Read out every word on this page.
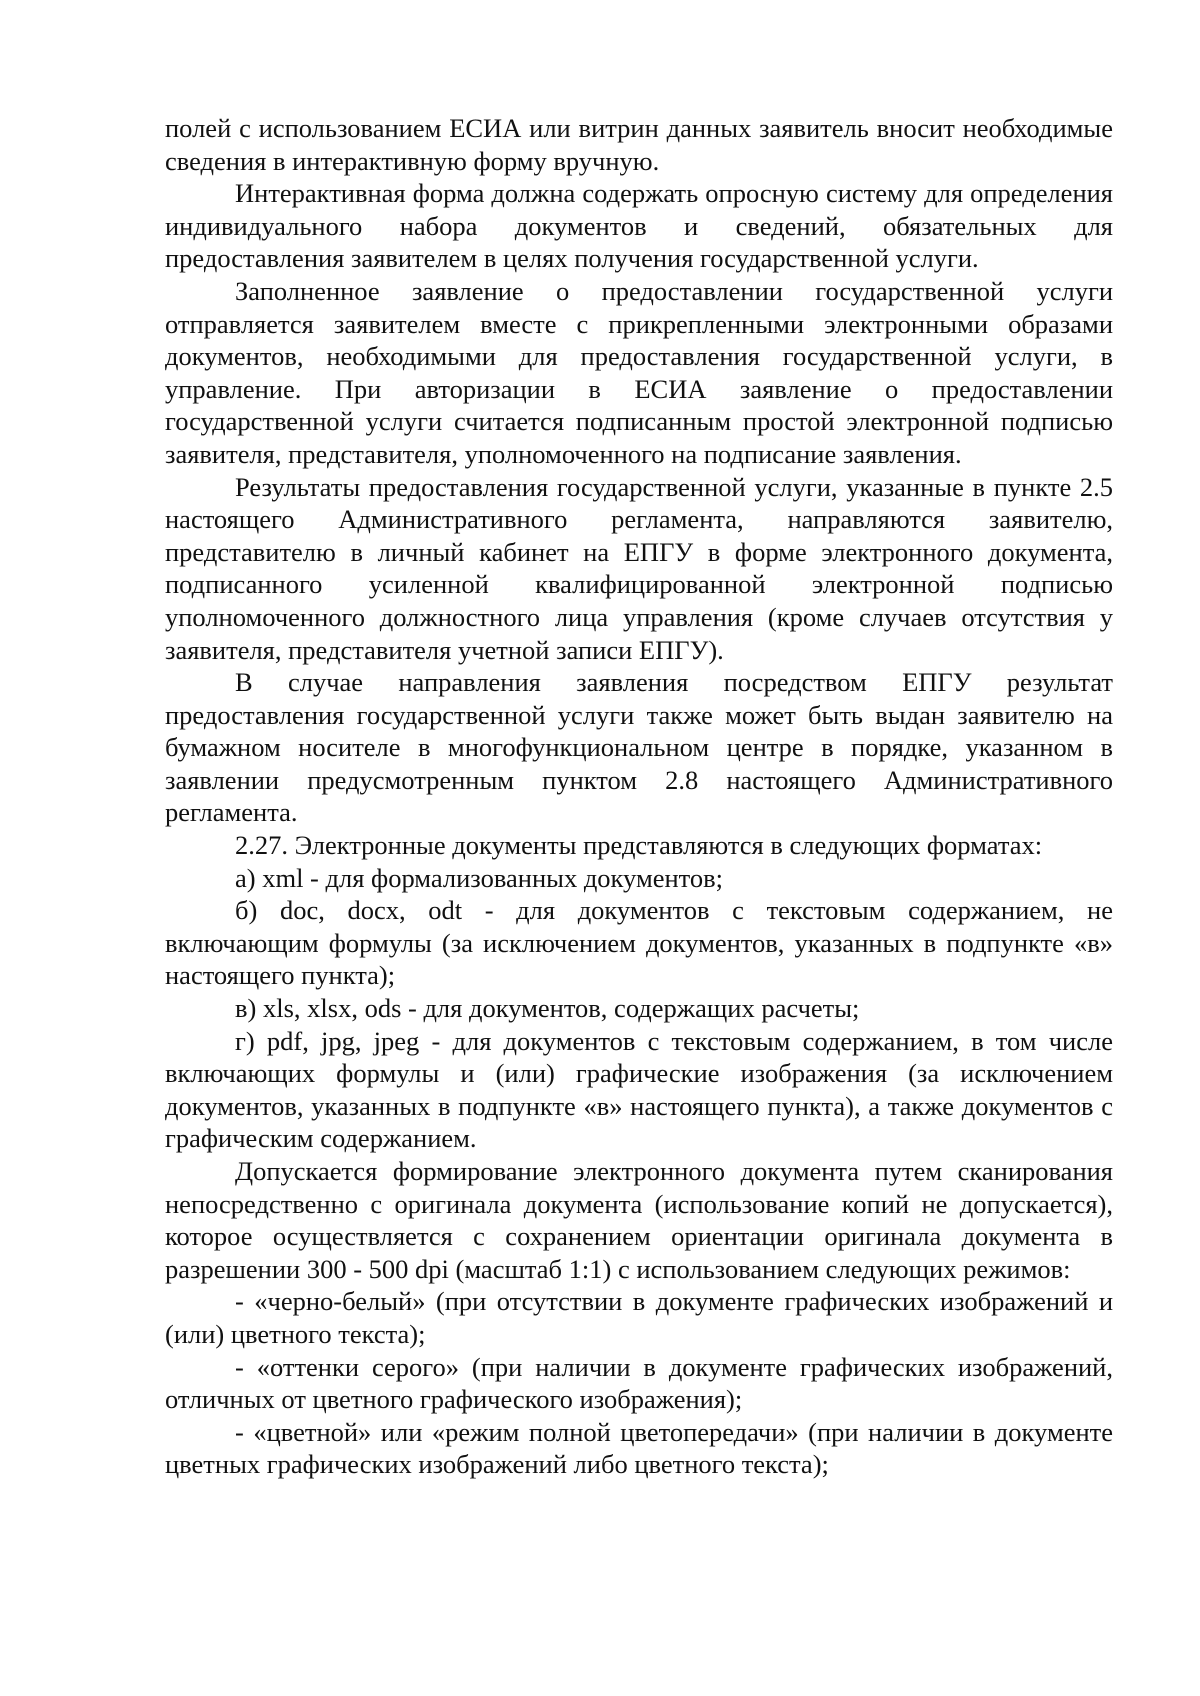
полей с использованием ЕСИА или витрин данных заявитель вносит необходимые сведения в интерактивную форму вручную.

Интерактивная форма должна содержать опросную систему для определения индивидуального набора документов и сведений, обязательных для предоставления заявителем в целях получения государственной услуги.

Заполненное заявление о предоставлении государственной услуги отправляется заявителем вместе с прикрепленными электронными образами документов, необходимыми для предоставления государственной услуги, в управление. При авторизации в ЕСИА заявление о предоставлении государственной услуги считается подписанным простой электронной подписью заявителя, представителя, уполномоченного на подписание заявления.

Результаты предоставления государственной услуги, указанные в пункте 2.5 настоящего Административного регламента, направляются заявителю, представителю в личный кабинет на ЕПГУ в форме электронного документа, подписанного усиленной квалифицированной электронной подписью уполномоченного должностного лица управления (кроме случаев отсутствия у заявителя, представителя учетной записи ЕПГУ).

В случае направления заявления посредством ЕПГУ результат предоставления государственной услуги также может быть выдан заявителю на бумажном носителе в многофункциональном центре в порядке, указанном в заявлении предусмотренным пунктом 2.8 настоящего Административного регламента.

2.27. Электронные документы представляются в следующих форматах:

а) xml - для формализованных документов;

б) doc, docx, odt - для документов с текстовым содержанием, не включающим формулы (за исключением документов, указанных в подпункте «в» настоящего пункта);

в) xls, xlsx, ods - для документов, содержащих расчеты;

г) pdf, jpg, jpeg - для документов с текстовым содержанием, в том числе включающих формулы и (или) графические изображения (за исключением документов, указанных в подпункте «в» настоящего пункта), а также документов с графическим содержанием.

Допускается формирование электронного документа путем сканирования непосредственно с оригинала документа (использование копий не допускается), которое осуществляется с сохранением ориентации оригинала документа в разрешении 300 - 500 dpi (масштаб 1:1) с использованием следующих режимов:

- «черно-белый» (при отсутствии в документе графических изображений и (или) цветного текста);

- «оттенки серого» (при наличии в документе графических изображений, отличных от цветного графического изображения);

- «цветной» или «режим полной цветопередачи» (при наличии в документе цветных графических изображений либо цветного текста);
